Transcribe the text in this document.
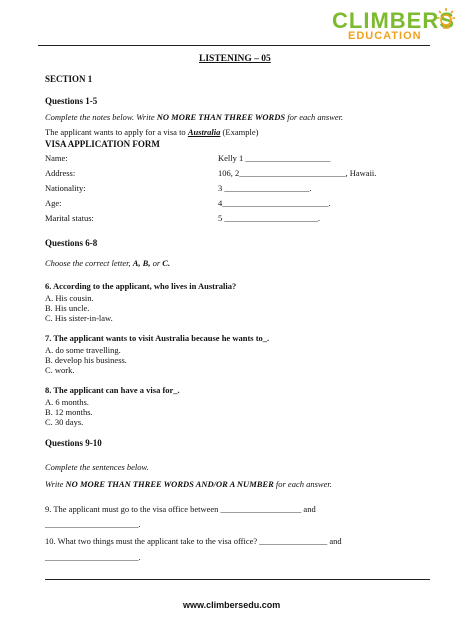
CLIMBERS
EDUCATION
LISTENING – 05
SECTION 1
Questions 1-5
Complete the notes below. Write NO MORE THAN THREE WORDS for each answer.
The applicant wants to apply for a visa to Australia (Example)
VISA APPLICATION FORM
Name:	Kelly 1 ____________________
Address:	106, 2_________________________, Hawaii.
Nationality:	3 ____________________.
Age:	4_________________________.
Marital status:	5 ______________________.
Questions 6-8
Choose the correct letter, A, B, or C.
6. According to the applicant, who lives in Australia?
A. His cousin.
B. His uncle.
C. His sister-in-law.
7. The applicant wants to visit Australia because he wants to_.
A. do some travelling.
B. develop his business.
C. work.
8. The applicant can have a visa for_.
A. 6 months.
B. 12 months.
C. 30 days.
Questions 9-10
Complete the sentences below.
Write NO MORE THAN THREE WORDS AND/OR A NUMBER for each answer.
9. The applicant must go to the visa office between ___________________ and
______________________.
10. What two things must the applicant take to the visa office? ________________ and
______________________.
www.climbersedu.com
